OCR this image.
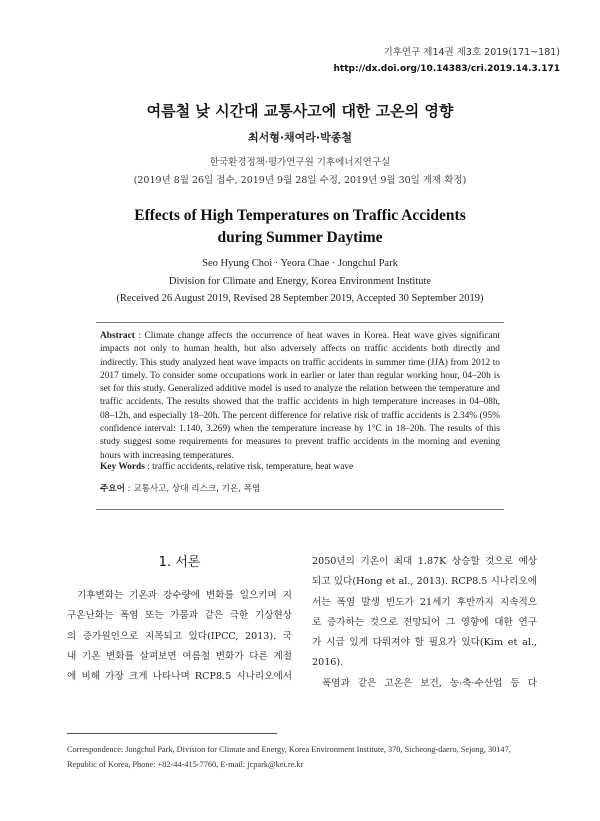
기후연구 제14권 제3호 2019(171~181)
http://dx.doi.org/10.14383/cri.2019.14.3.171
여름철 낮 시간대 교통사고에 대한 고온의 영향
최서형·채여라·박종철
한국환경정책·평가연구원 기후에너지연구실
(2019년 8월 26일 접수, 2019년 9월 28일 수정, 2019년 9월 30일 게재 확정)
Effects of High Temperatures on Traffic Accidents
during Summer Daytime
Seo Hyung Choi · Yeora Chae · Jongchul Park
Division for Climate and Energy, Korea Environment Institute
(Received 26 August 2019, Revised 28 September 2019, Accepted 30 September 2019)
Abstract : Climate change affects the occurrence of heat waves in Korea. Heat wave gives significant impacts not only to human health, but also adversely affects on traffic accidents both directly and indirectly. This study analyzed heat wave impacts on traffic accidents in summer time (JJA) from 2012 to 2017 timely. To consider some occupations work in earlier or later than regular working hour, 04–20h is set for this study. Generalized additive model is used to analyze the relation between the temperature and traffic accidents. The results showed that the traffic accidents in high temperature increases in 04–08h, 08–12h, and especially 18–20h. The percent difference for relative risk of traffic accidents is 2.34% (95% confidence interval: 1.140, 3.269) when the temperature increase by 1°C in 18–20h. The results of this study suggest some requirements for measures to prevent traffic accidents in the morning and evening hours with increasing temperatures.
Key Words : traffic accidents, relative risk, temperature, heat wave
주요어 : 교통사고, 상대 리스크, 기온, 폭염
1. 서론
기후변화는 기온과 강수량에 변화를 일으키며 지
구온난화는 폭염 또는 가뭄과 같은 극한 기상현상
의 증가원인으로 지목되고 있다(IPCC, 2013). 국
내 기온 변화를 살펴보면 여름철 변화가 다른 계절
에 비해 가장 크게 나타나며 RCP8.5 시나리오에서
2050년의 기온이 최대 1.87K 상승할 것으로 예상
되고 있다(Hong et al., 2013). RCP8.5 시나리오에
서는 폭염 발생 빈도가 21세기 후반까지 지속적으
로 증가하는 것으로 전망되어 그 영향에 대한 연구
가 시급 있게 다뤄져야 할 필요가 있다(Kim et al.,
2016).
폭염과 같은 고온은 보건, 농·축·수산업 등 다
Correspondence: Jongchul Park, Division for Climate and Energy, Korea Environment Institute, 370, Sicheong-daero, Sejong, 30147,
Republic of Korea, Phone: +82-44-415-7760, E-mail: jcpark@kei.re.kr
